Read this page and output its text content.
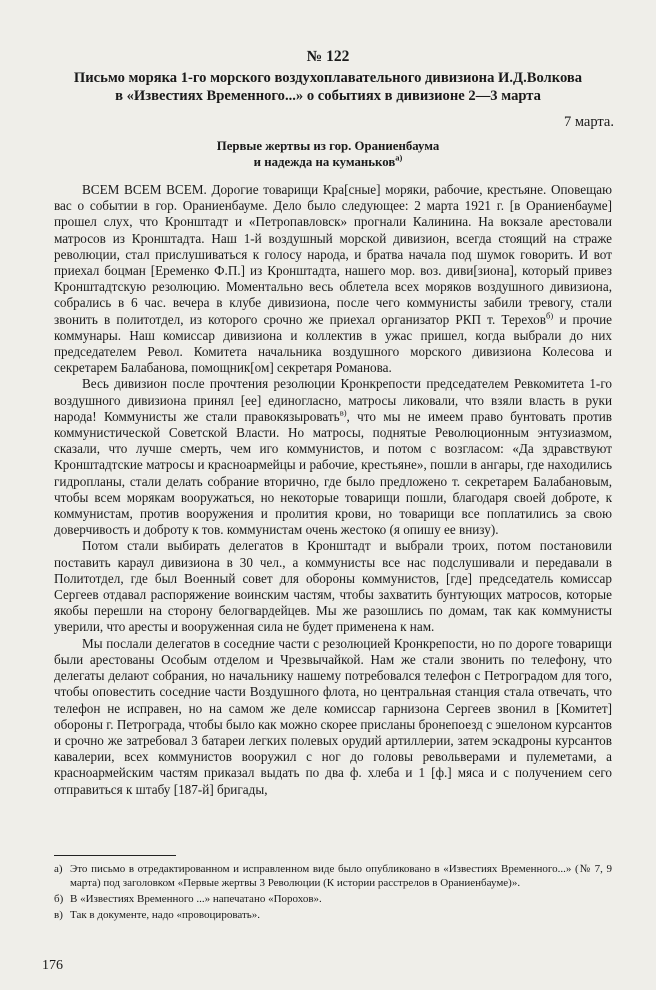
№ 122
Письмо моряка 1-го морского воздухоплавательного дивизиона И.Д.Волкова
в «Известиях Временного...» о событиях в дивизионе 2—3 марта
7 марта.
Первые жертвы из гор. Ораниенбаума
и надежда на куманьков$^{а)}$

ВСЕМ ВСЕМ ВСЕМ. Дорогие товарищи Кра[сные] моряки, рабочие, крестьяне. Оповещаю вас о событии в гор. Ораниенбауме. Дело было следующее: 2 марта 1921 г. [в Ораниенбауме] прошел слух, что Кронштадт и «Петропавловск» прогнали Калинина. На вокзале арестовали матросов из Кронштадта. Наш 1-й воздушный морской дивизион, всегда стоящий на страже революции, стал прислушиваться к голосу народа, и братва начала под шумок говорить. И вот приехал боцман [Еременко Ф.П.] из Кронштадта, нашего мор. воз. диви[зиона], который привез Кронштадтскую резолюцию. Моментально весь облетела всех моряков воздушного дивизиона, собрались в 6 час. вечера в клубе дивизиона, после чего коммунисты забили тревогу, стали звонить в политотдел, из которого срочно же приехал организатор РКП т. Терехов$^{б)}$ и прочие коммунары. Наш комиссар дивизиона и коллектив в ужас пришел, когда выбрали до них председателем Револ. Комитета начальника воздушного морского дивизиона Колесова и секретарем Балабанова, помощник[ом] секретаря Романова.

Весь дивизион после прочтения резолюции Кронкрепости председателем Ревкомитета 1-го воздушного дивизиона принял [ее] единогласно, матросы ликовали, что взяли власть в руки народа! Коммунисты же стали правокязыровать$^{в)}$, что мы не имеем право бунтовать против коммунистической Советской Власти. Но матросы, поднятые Революционным энтузиазмом, сказали, что лучше смерть, чем иго коммунистов, и потом с возгласом: «Да здравствуют Кронштадтские матросы и красноармейцы и рабочие, крестьяне», пошли в ангары, где находились гидропланы, стали делать собрание вторично, где было предложено т. секретарем Балабановым, чтобы всем морякам вооружаться, но некоторые товарищи пошли, благодаря своей доброте, к коммунистам, против вооружения и пролития крови, но товарищи все поплатились за свою доверчивость и доброту к тов. коммунистам очень жестоко (я опишу ее внизу).

Потом стали выбирать делегатов в Кронштадт и выбрали троих, потом постановили поставить караул дивизиона в 30 чел., а коммунисты все нас подслушивали и передавали в Политотдел, где был Военный совет для обороны коммунистов, [где] председатель комиссар Сергеев отдавал распоряжение воинским частям, чтобы захватить бунтующих матросов, которые якобы перешли на сторону белогвардейцев. Мы же разошлись по домам, так как коммунисты уверили, что аресты и вооруженная сила не будет применена к нам.

Мы послали делегатов в соседние части с резолюцией Кронкрепости, но по дороге товарищи были арестованы Особым отделом и Чрезвычайкой. Нам же стали звонить по телефону, что делегаты делают собрания, но начальнику нашему потребовался телефон с Петроградом для того, чтобы оповестить соседние части Воздушного флота, но центральная станция стала отвечать, что телефон не исправен, но на самом же деле комиссар гарнизона Сергеев звонил в [Комитет] обороны г. Петрограда, чтобы было как можно скорее присланы бронепоезд с эшелоном курсантов и срочно же затребовал 3 батареи легких полевых орудий артиллерии, затем эскадроны курсантов кавалерии, всех коммунистов вооружил с ног до головы револьверами и пулеметами, а красноармейским частям приказал выдать по два ф. хлеба и 1 [ф.] мяса и с получением сего отправиться к штабу [187-й] бригады,

а) Это письмо в отредактированном и исправленном виде было опубликовано в «Известиях Временного...» (№ 7, 9 марта) под заголовком «Первые жертвы 3 Революции (К истории расстрелов в Ораниенбауме)».

б) В «Известиях Временного ...» напечатано «Порохов».

в) Так в документе, надо «провоцировать».

176
